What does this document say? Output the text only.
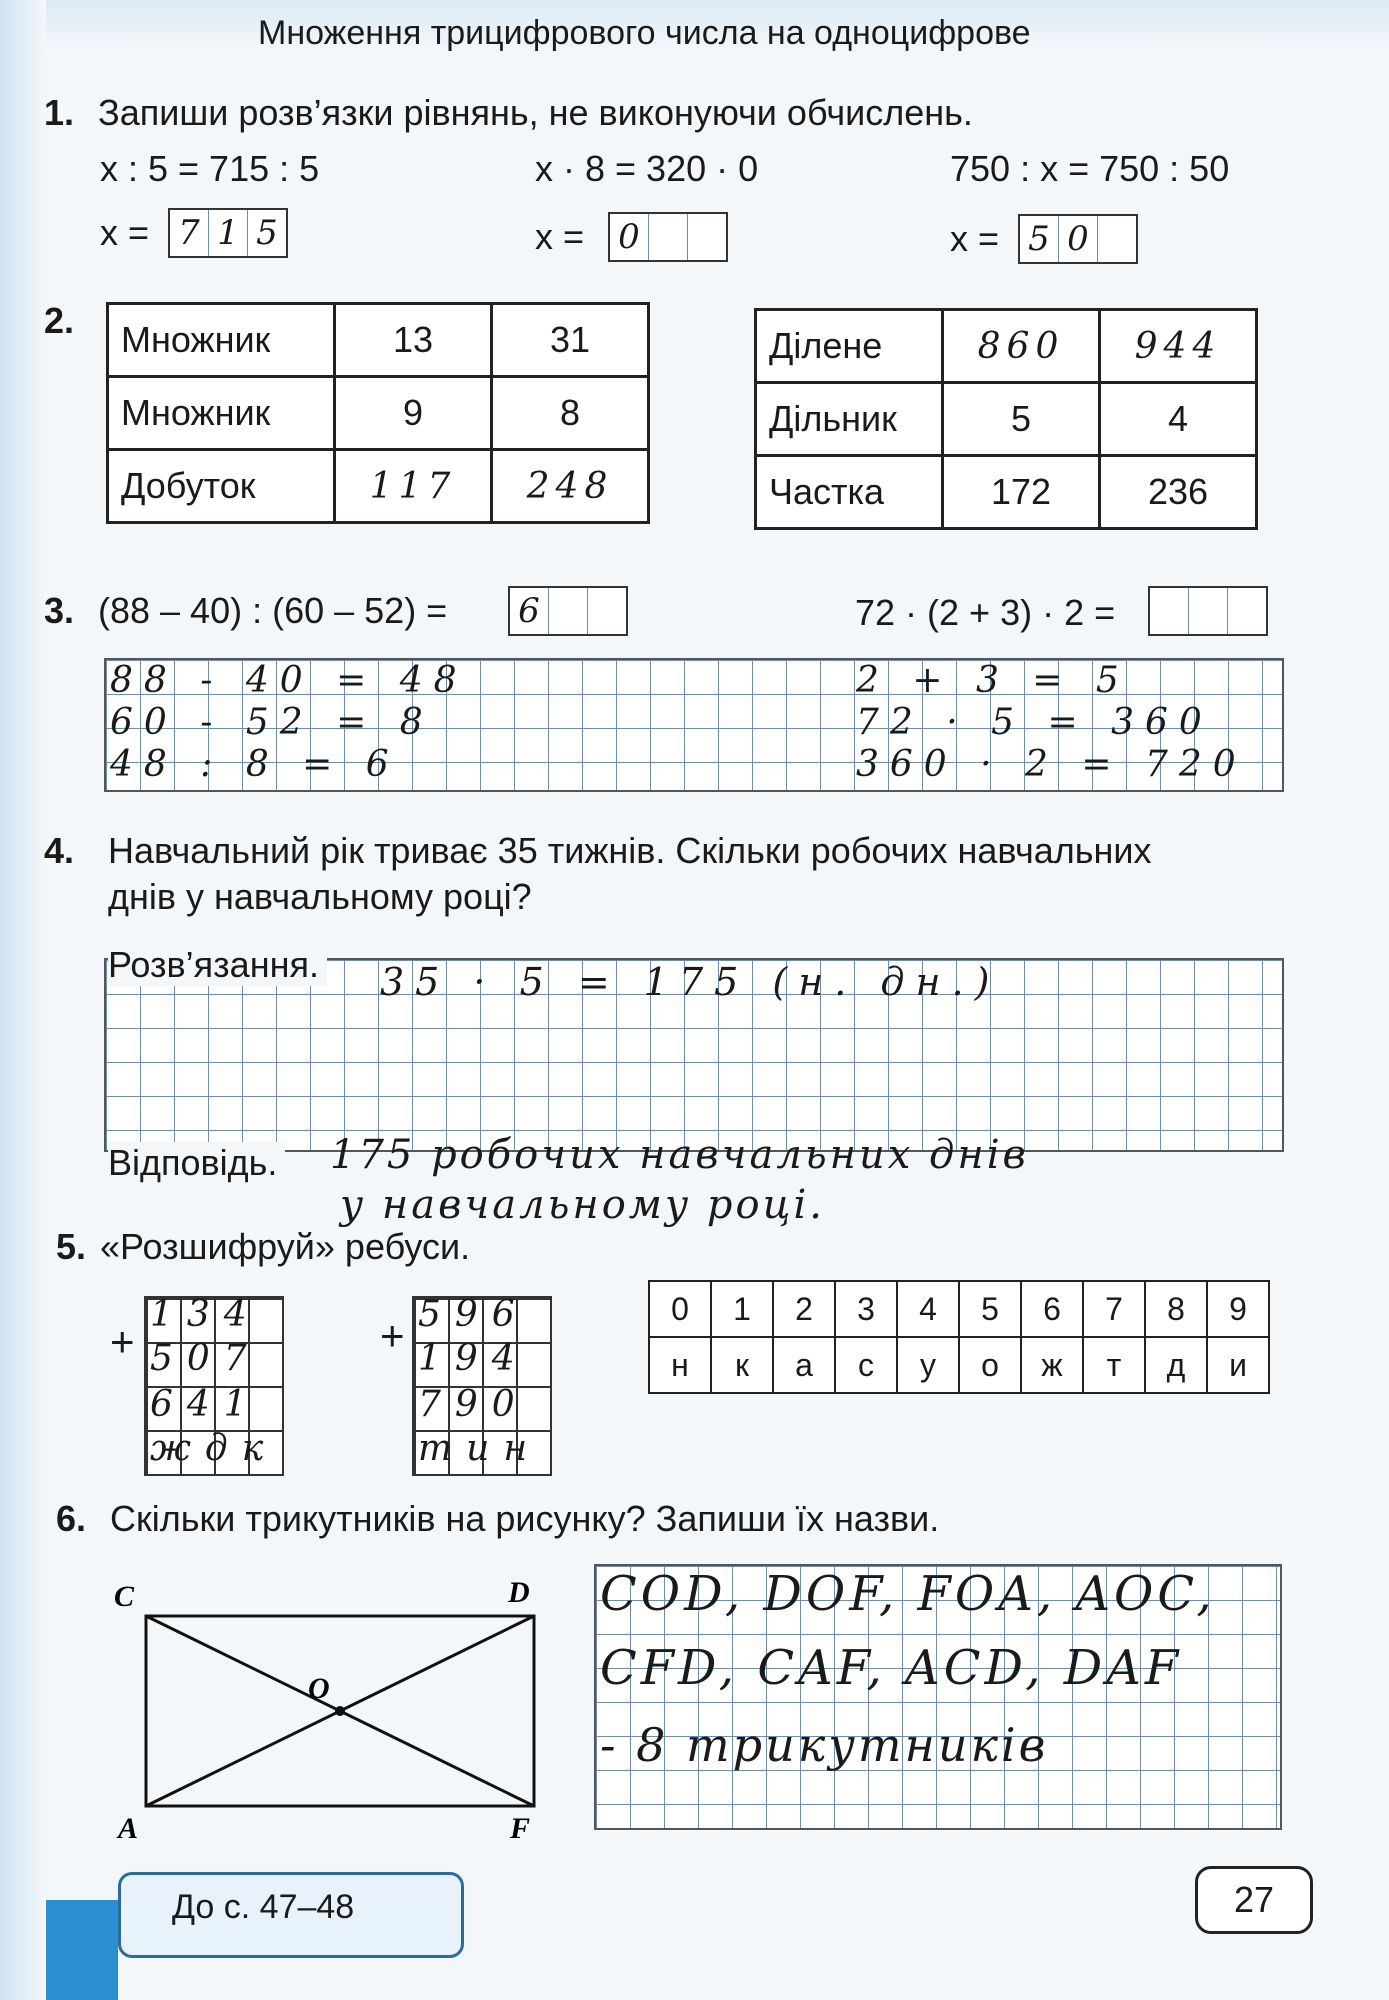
Множення трицифрового числа на одноцифрове
1. Запиши розв’язки рівнянь, не виконуючи обчислень.
x : 5 = 715 : 5	x · 8 = 320 · 0	750 : x = 750 : 50
x = 7 1 5	x = 0	x = 5 0
2. Множник	13	31
Множник	9	8
Добуток	117	248
Ділене	860	944
Дільник	5	4
Частка	172	236
3. (88 – 40) : (60 – 52) = 6	72 · (2 + 3) · 2 =
88 - 40 = 48
60 - 52 = 8
48 : 8 = 6
2 + 3 = 5
72 · 5 = 360
360 · 2 = 720
4. Навчальний рік триває 35 тижнів. Скільки робочих навчальних
днів у навчальному році?
Розв’язання. 35 · 5 = 175 (н. дн.)
Відповідь. 175 робочих навчальних днів
у навчальному році.
5. «Розшифруй» ребуси.
+
134
507
641
ждк
+ 596
194
790
тин
0	1	2	3	4	5	6	7	8	9
н	к	а	с	у	о	ж	т	д	и
6. Скільки трикутників на рисунку? Запиши їх назви.
C	D
O
A	F
COD, DOF, FOA, AOC,
CFD, CAF, ACD, DAF
- 8 трикутників
До с. 47–48	27
